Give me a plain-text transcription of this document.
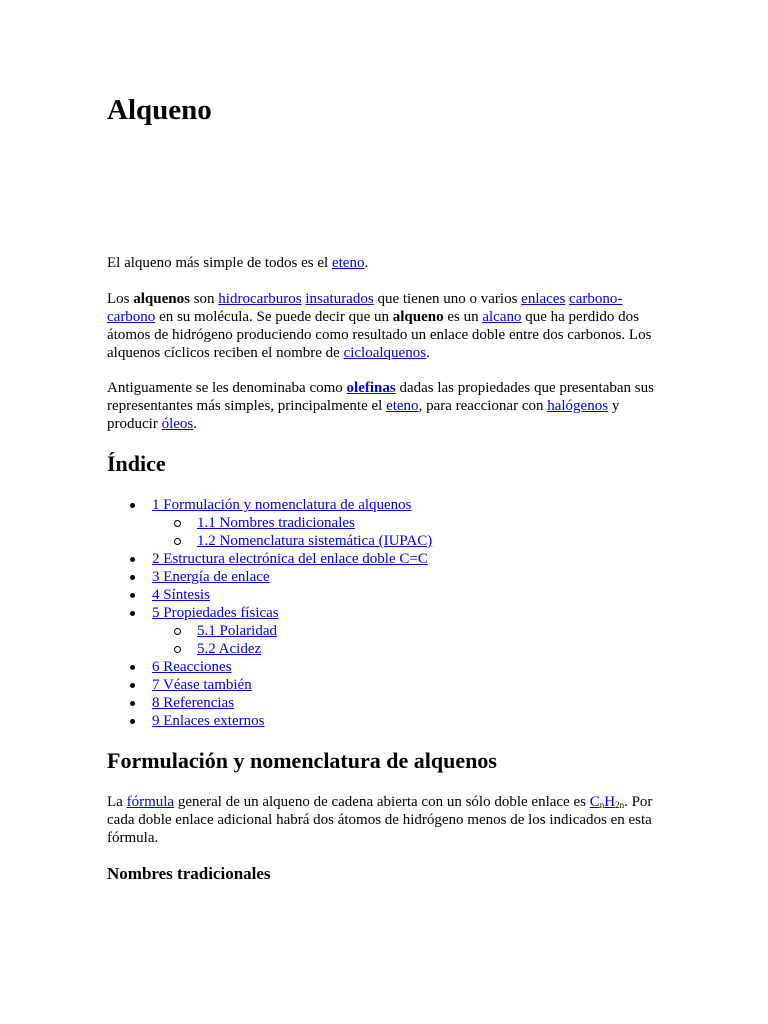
Alqueno

El alqueno más simple de todos es el eteno.

Los alquenos son hidrocarburos insaturados que tienen uno o varios enlaces carbono-carbono en su molécula. Se puede decir que un alqueno es un alcano que ha perdido dos átomos de hidrógeno produciendo como resultado un enlace doble entre dos carbonos. Los alquenos cíclicos reciben el nombre de cicloalquenos.

Antiguamente se les denominaba como olefinas dadas las propiedades que presentaban sus representantes más simples, principalmente el eteno, para reaccionar con halógenos y producir óleos.

Índice
1 Formulación y nomenclatura de alquenos
1.1 Nombres tradicionales
1.2 Nomenclatura sistemática (IUPAC)
2 Estructura electrónica del enlace doble C=C
3 Energía de enlace
4 Síntesis
5 Propiedades físicas
5.1 Polaridad
5.2 Acidez
6 Reacciones
7 Véase también
8 Referencias
9 Enlaces externos
Formulación y nomenclatura de alquenos

La fórmula general de un alqueno de cadena abierta con un sólo doble enlace es $C_nH_{2n}$. Por cada doble enlace adicional habrá dos átomos de hidrógeno menos de los indicados en esta fórmula.

Nombres tradicionales
